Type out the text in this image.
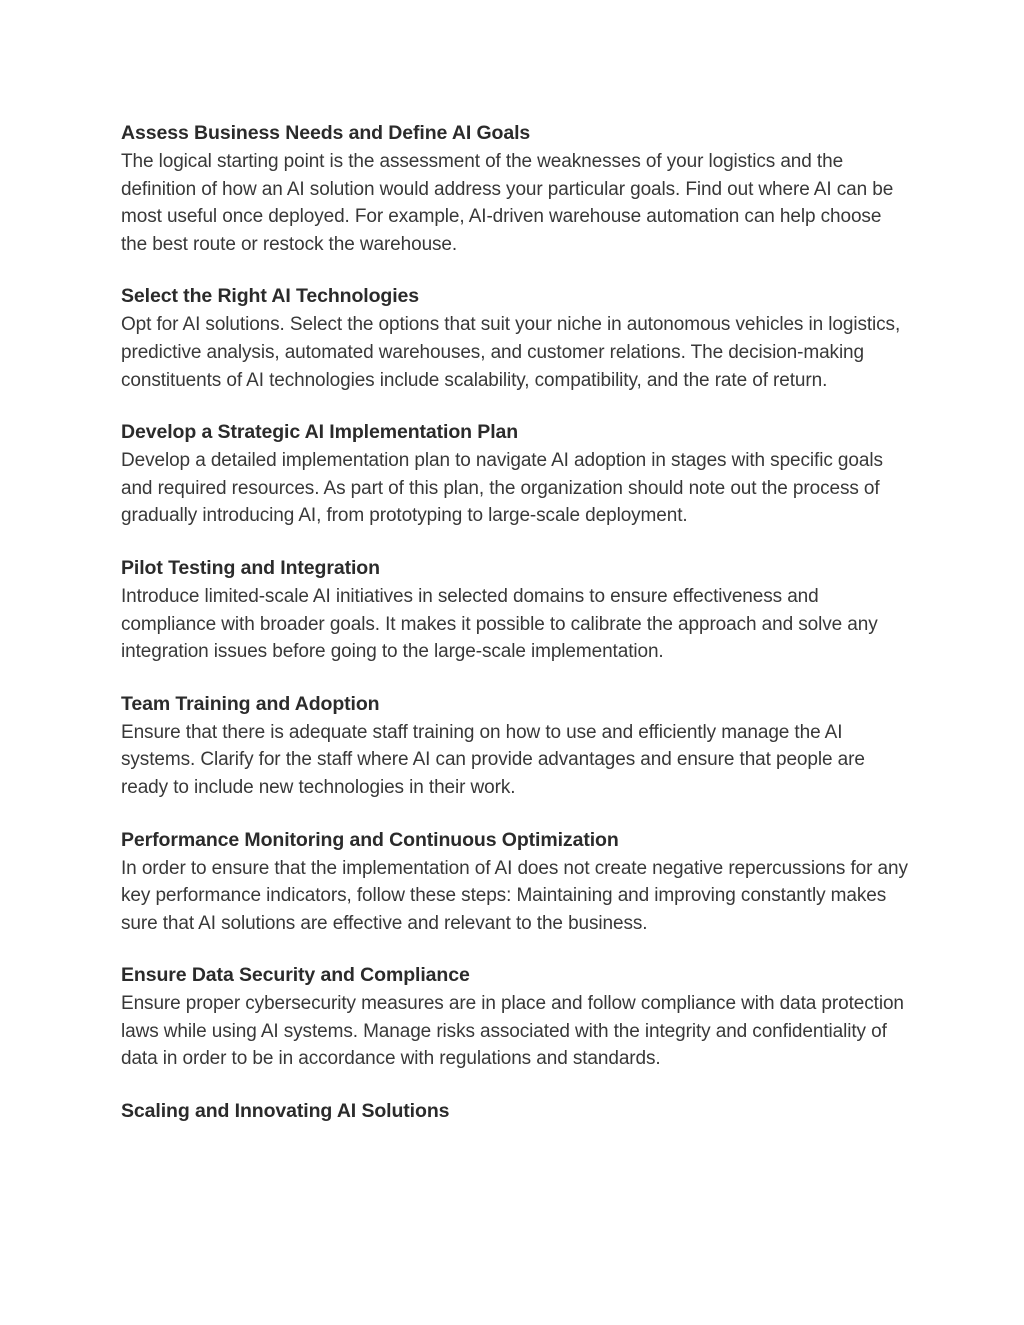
Assess Business Needs and Define AI Goals

The logical starting point is the assessment of the weaknesses of your logistics and the definition of how an AI solution would address your particular goals. Find out where AI can be most useful once deployed. For example, AI-driven warehouse automation can help choose the best route or restock the warehouse.

Select the Right AI Technologies

Opt for AI solutions. Select the options that suit your niche in autonomous vehicles in logistics, predictive analysis, automated warehouses, and customer relations. The decision-making constituents of AI technologies include scalability, compatibility, and the rate of return.

Develop a Strategic AI Implementation Plan

Develop a detailed implementation plan to navigate AI adoption in stages with specific goals and required resources. As part of this plan, the organization should note out the process of gradually introducing AI, from prototyping to large-scale deployment.

Pilot Testing and Integration

Introduce limited-scale AI initiatives in selected domains to ensure effectiveness and compliance with broader goals. It makes it possible to calibrate the approach and solve any integration issues before going to the large-scale implementation.

Team Training and Adoption

Ensure that there is adequate staff training on how to use and efficiently manage the AI systems. Clarify for the staff where AI can provide advantages and ensure that people are ready to include new technologies in their work.

Performance Monitoring and Continuous Optimization

In order to ensure that the implementation of AI does not create negative repercussions for any key performance indicators, follow these steps: Maintaining and improving constantly makes sure that AI solutions are effective and relevant to the business.

Ensure Data Security and Compliance

Ensure proper cybersecurity measures are in place and follow compliance with data protection laws while using AI systems. Manage risks associated with the integrity and confidentiality of data in order to be in accordance with regulations and standards.

Scaling and Innovating AI Solutions
